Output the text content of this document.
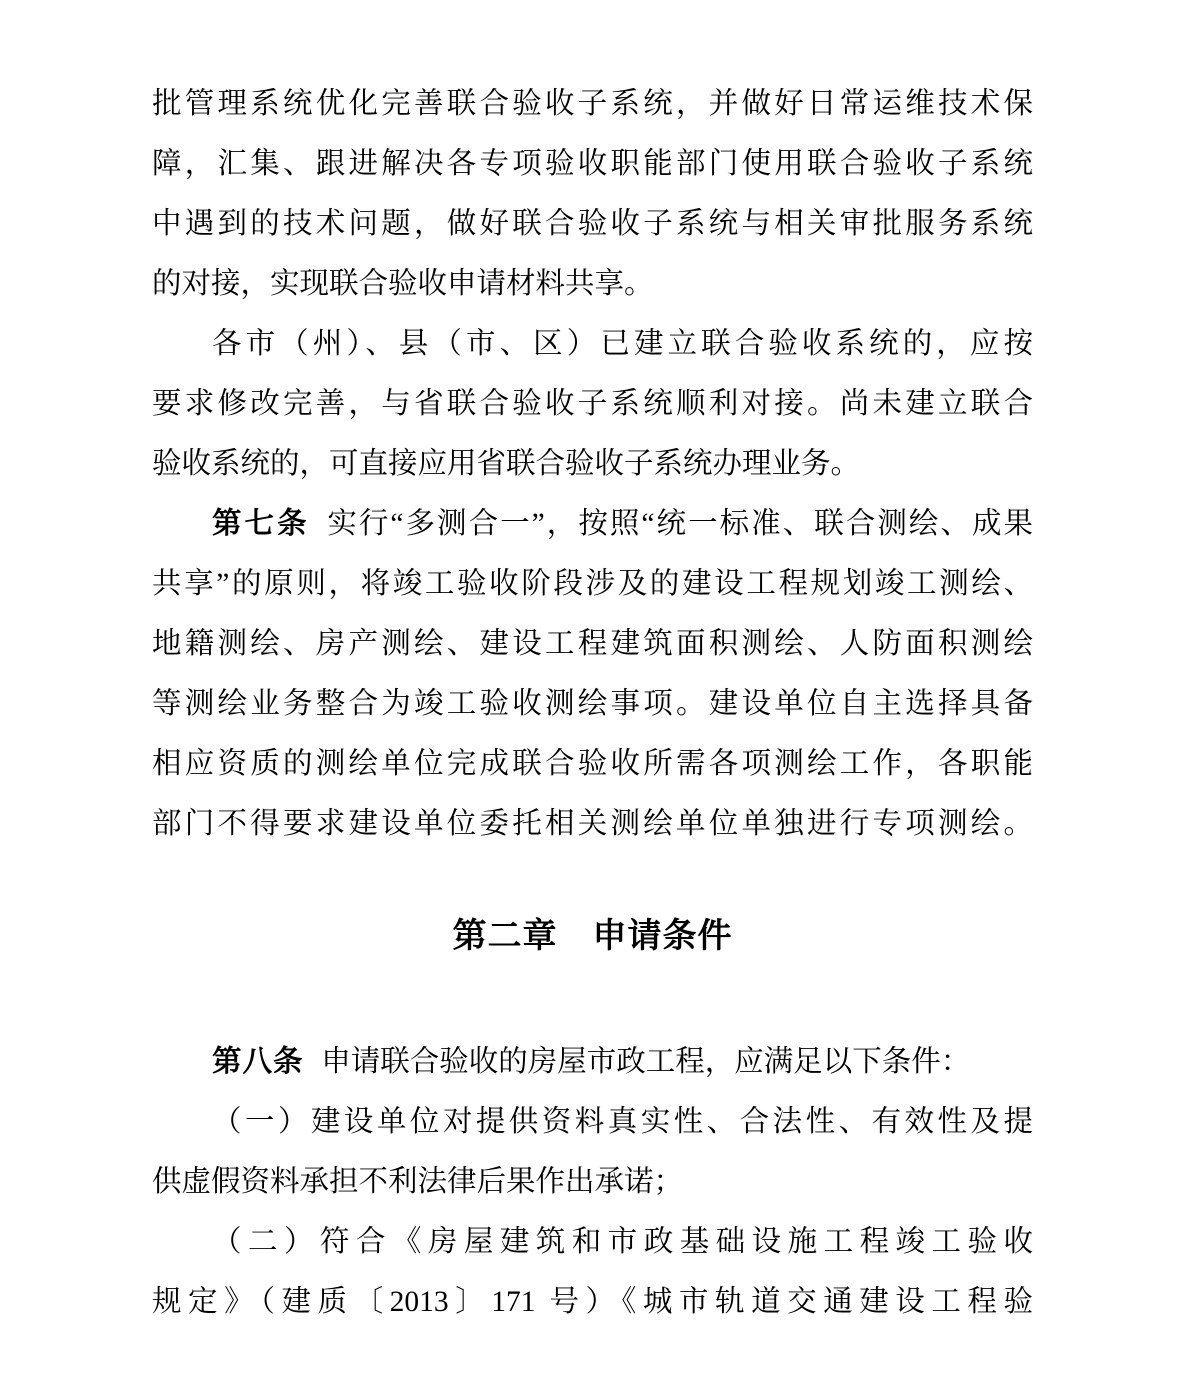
批管理系统优化完善联合验收子系统，并做好日常运维技术保
障，汇集、跟进解决各专项验收职能部门使用联合验收子系统
中遇到的技术问题，做好联合验收子系统与相关审批服务系统
的对接，实现联合验收申请材料共享。
各市（州）、县（市、区）已建立联合验收系统的，应按
要求修改完善，与省联合验收子系统顺利对接。尚未建立联合
验收系统的，可直接应用省联合验收子系统办理业务。
第七条 实行“多测合一”，按照“统一标准、联合测绘、成果
共享”的原则，将竣工验收阶段涉及的建设工程规划竣工测绘、
地籍测绘、房产测绘、建设工程建筑面积测绘、人防面积测绘
等测绘业务整合为竣工验收测绘事项。建设单位自主选择具备
相应资质的测绘单位完成联合验收所需各项测绘工作，各职能
部门不得要求建设单位委托相关测绘单位单独进行专项测绘。
第二章　申请条件
第八条 申请联合验收的房屋市政工程，应满足以下条件：
（一）建设单位对提供资料真实性、合法性、有效性及提
供虚假资料承担不利法律后果作出承诺；
（二）符合《房屋建筑和市政基础设施工程竣工验收
规定》（建质〔2013〕171 号）《城市轨道交通建设工程验
